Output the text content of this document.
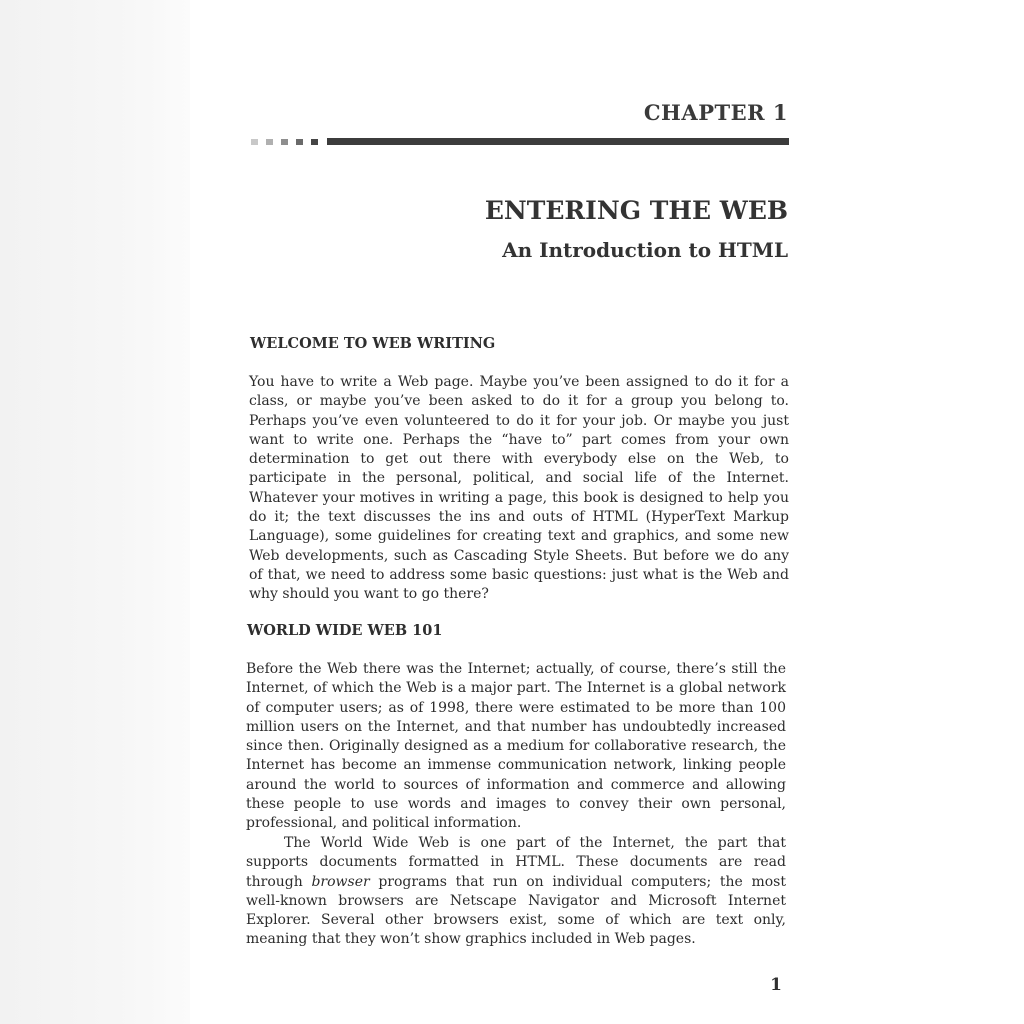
CHAPTER 1
ENTERING THE WEB
An Introduction to HTML
WELCOME TO WEB WRITING

You have to write a Web page. Maybe you’ve been assigned to do it for a class, or maybe you’ve been asked to do it for a group you belong to. Perhaps you’ve even volunteered to do it for your job. Or maybe you just want to write one. Perhaps the “have to” part comes from your own determination to get out there with everybody else on the Web, to participate in the personal, political, and social life of the Internet. Whatever your motives in writing a page, this book is designed to help you do it; the text discusses the ins and outs of HTML (HyperText Markup Language), some guidelines for creating text and graphics, and some new Web developments, such as Cascading Style Sheets. But before we do any of that, we need to address some basic questions: just what is the Web and why should you want to go there?

WORLD WIDE WEB 101

Before the Web there was the Internet; actually, of course, there’s still the Internet, of which the Web is a major part. The Internet is a global network of computer users; as of 1998, there were estimated to be more than 100 million users on the Internet, and that number has undoubtedly increased since then. Originally designed as a medium for collaborative research, the Internet has become an immense communication network, linking people around the world to sources of information and commerce and allowing these people to use words and images to convey their own personal, professional, and political information.

The World Wide Web is one part of the Internet, the part that supports documents formatted in HTML. These documents are read through browser programs that run on individual computers; the most well-known browsers are Netscape Navigator and Microsoft Internet Explorer. Several other browsers exist, some of which are text only, meaning that they won’t show graphics included in Web pages.

1
